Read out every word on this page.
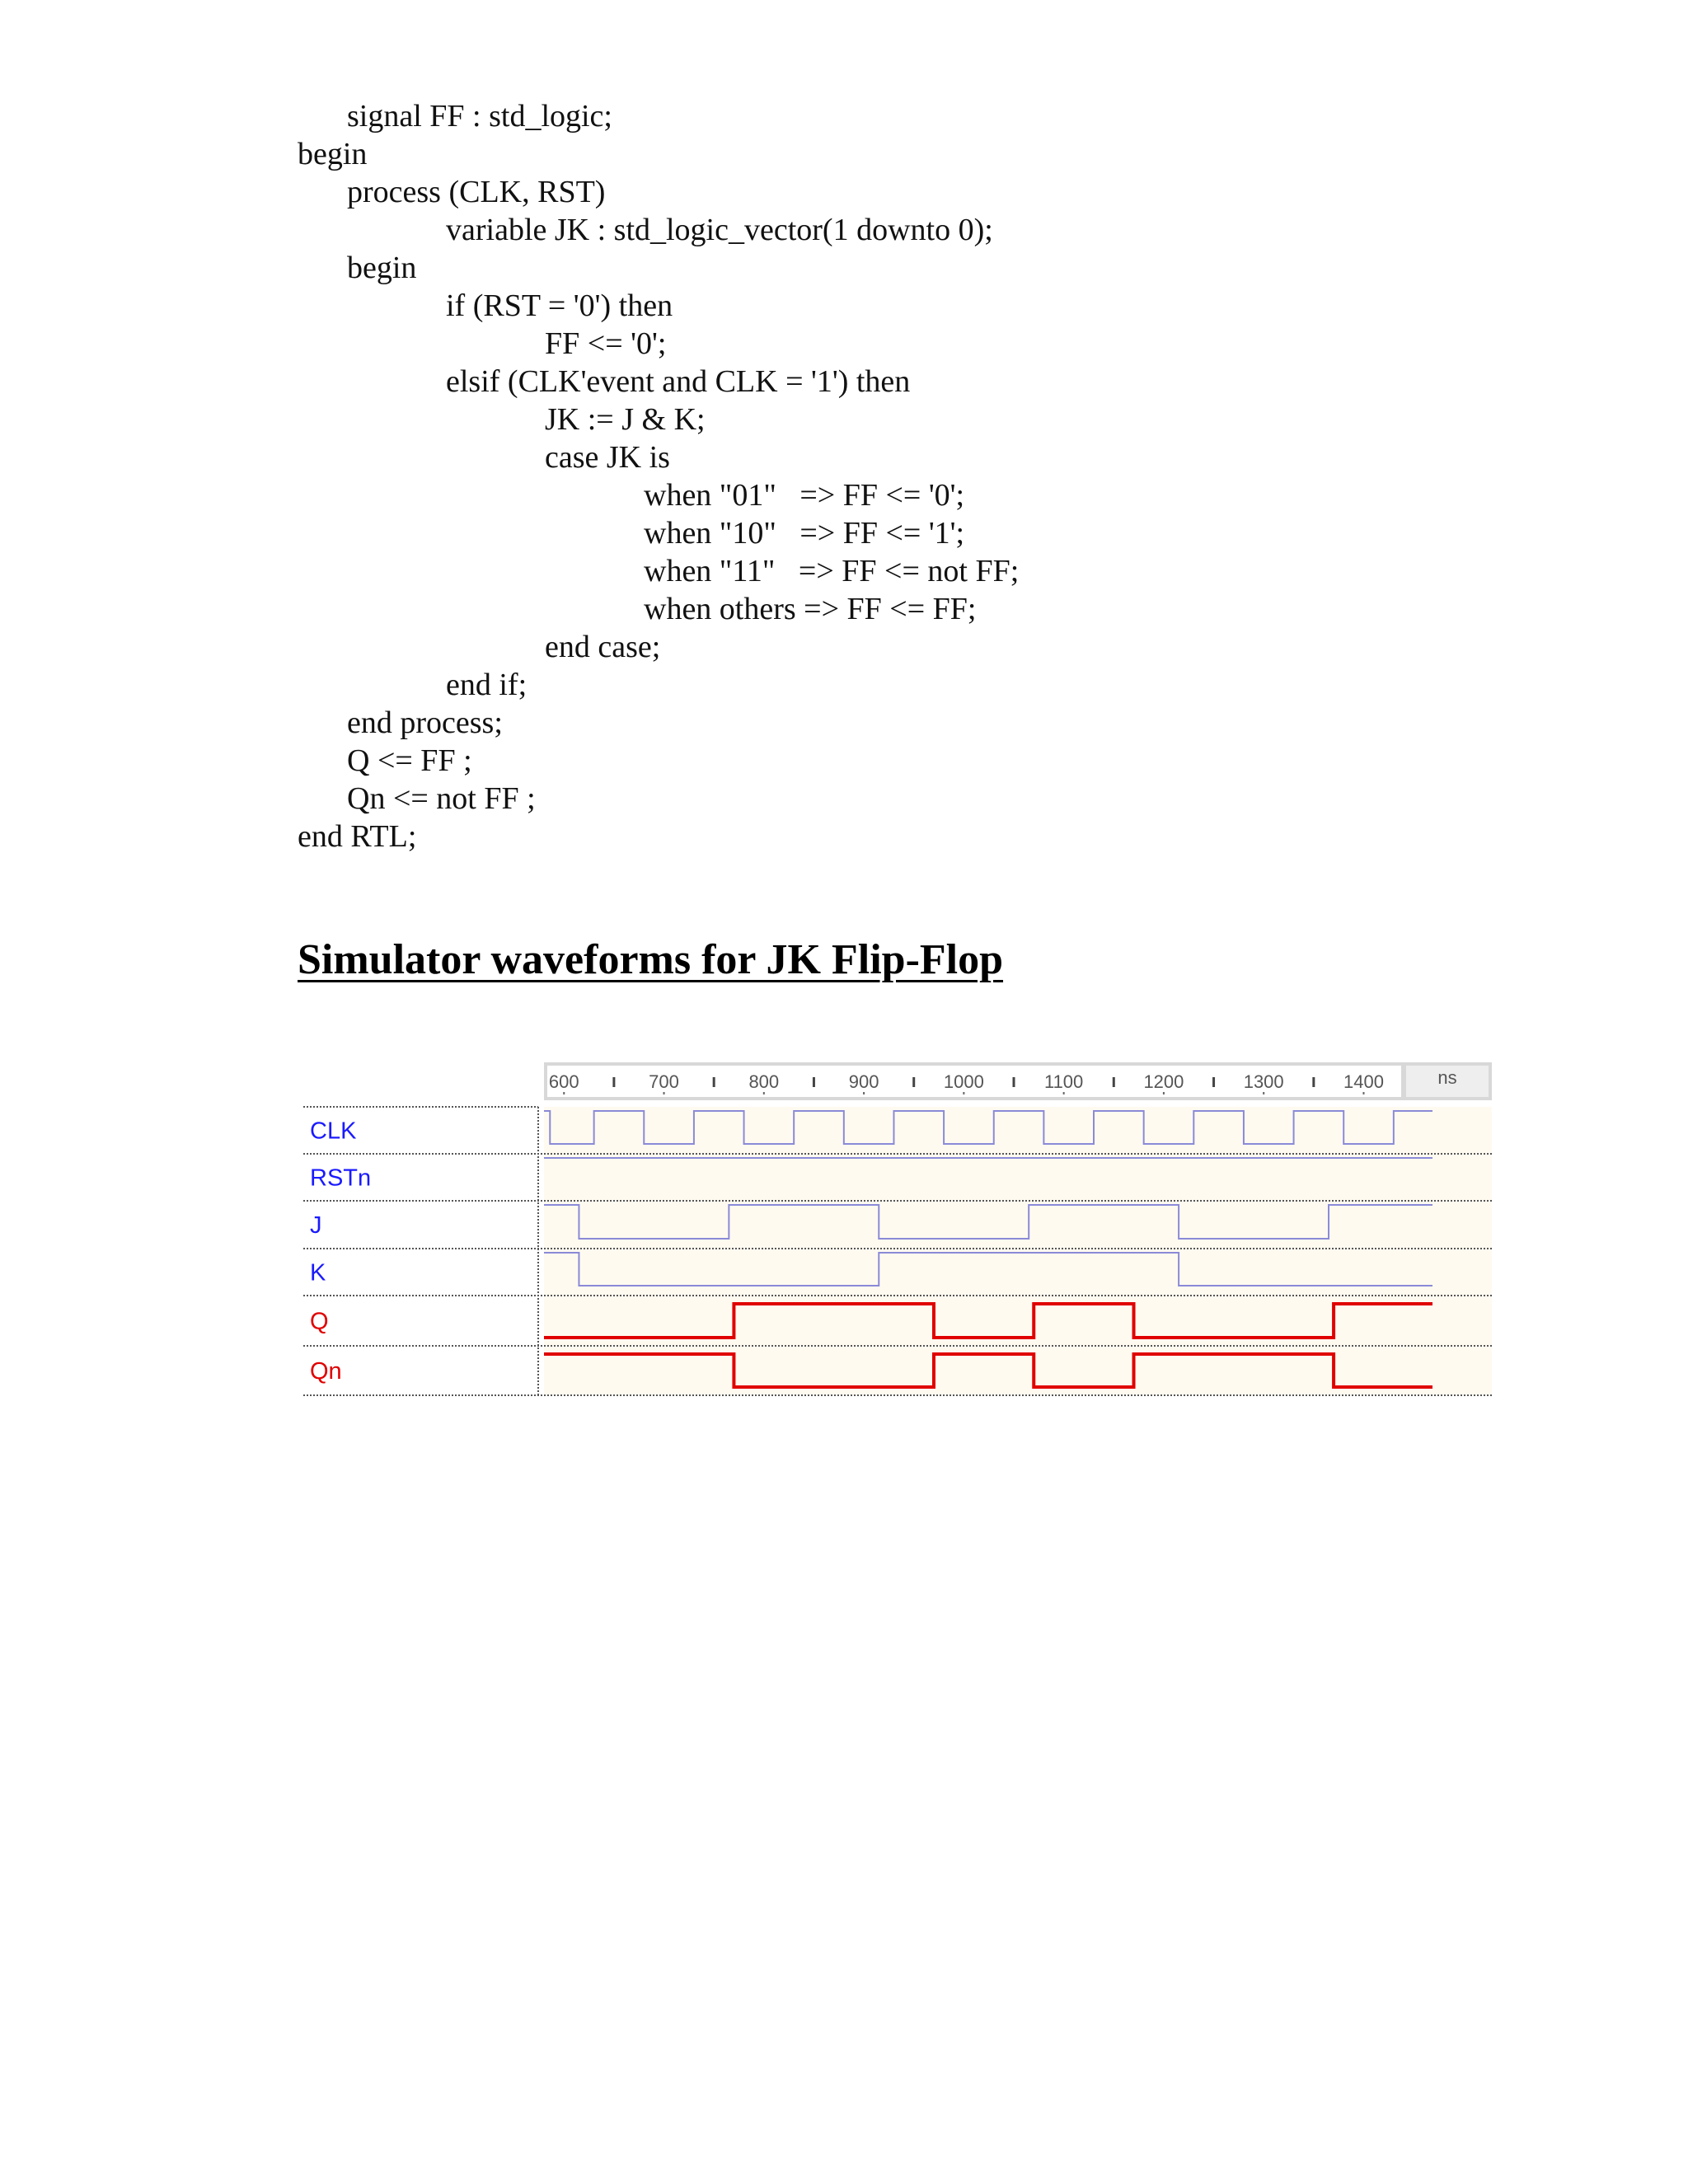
signal FF : std_logic;
begin
process (CLK, RST)
variable JK : std_logic_vector(1 downto 0);
begin
if (RST = '0') then
FF <= '0';
elsif (CLK'event and CLK = '1') then
JK := J & K;
case JK is
when "01"   => FF <= '0';
when "10"   => FF <= '1';
when "11"   => FF <= not FF;
when others => FF <= FF;
end case;
end if;
end process;
Q <= FF ;
Qn <= not FF ;
end RTL;
Simulator waveforms for JK Flip-Flop
ns
600	700	800	900	1000	1100	1200	1300	1400
CLK
RSTn
J
K
Q
Qn
